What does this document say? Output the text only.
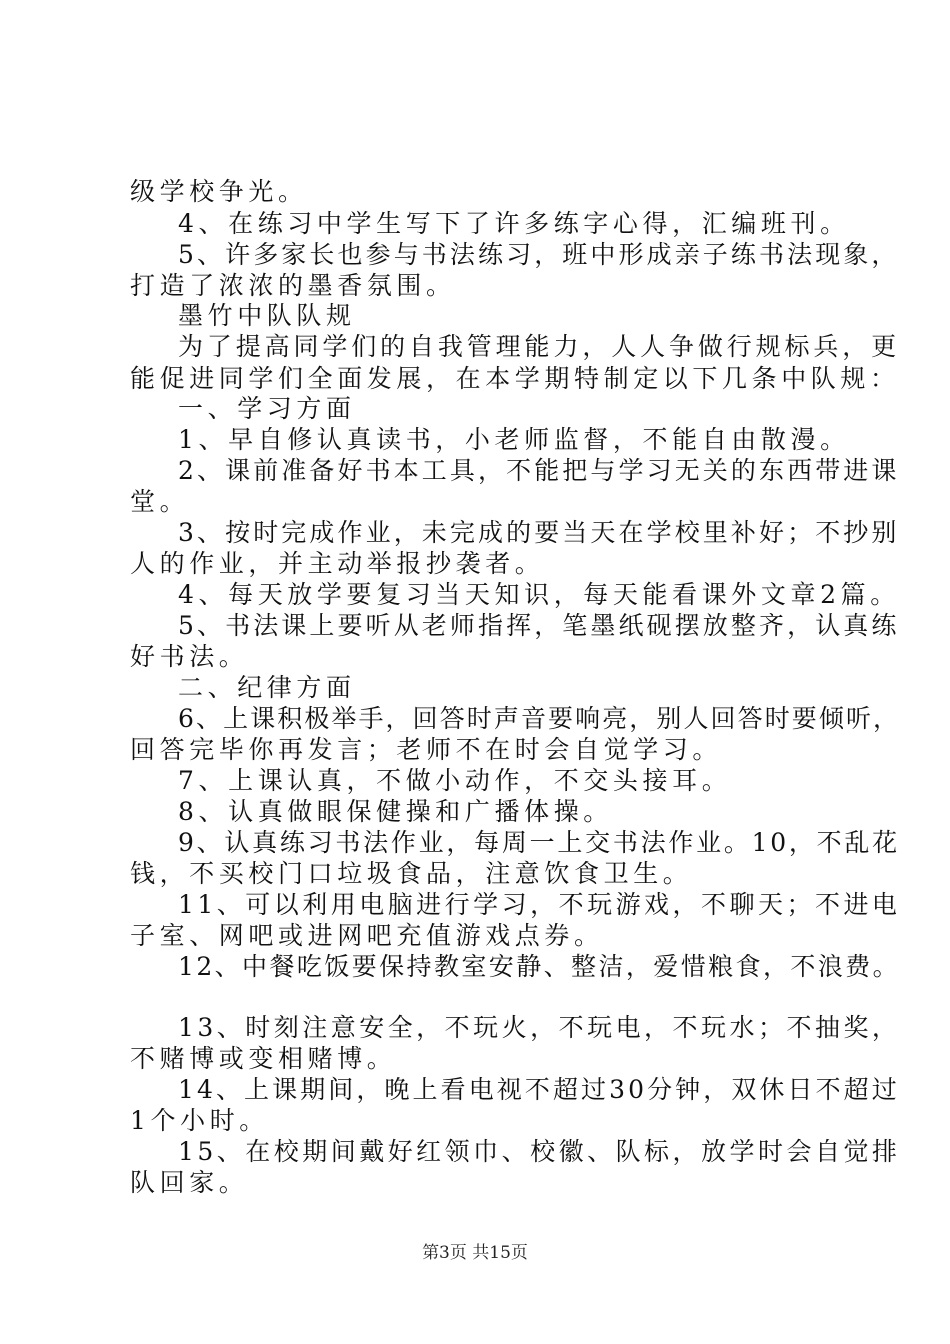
级学校争光。
4、在练习中学生写下了许多练字心得，汇编班刊。
5、许多家长也参与书法练习，班中形成亲子练书法现象，
打造了浓浓的墨香氛围。
墨竹中队队规
为了提高同学们的自我管理能力，人人争做行规标兵，更
能促进同学们全面发展，在本学期特制定以下几条中队规：
一、学习方面
1、早自修认真读书，小老师监督，不能自由散漫。
2、课前准备好书本工具，不能把与学习无关的东西带进课
堂。
3、按时完成作业，未完成的要当天在学校里补好；不抄别
人的作业，并主动举报抄袭者。
4、每天放学要复习当天知识，每天能看课外文章2篇。
5、书法课上要听从老师指挥，笔墨纸砚摆放整齐，认真练
好书法。
二、纪律方面
6、上课积极举手，回答时声音要响亮，别人回答时要倾听，
回答完毕你再发言；老师不在时会自觉学习。
7、上课认真，不做小动作，不交头接耳。
8、认真做眼保健操和广播体操。
9、认真练习书法作业，每周一上交书法作业。10，不乱花
钱，不买校门口垃圾食品，注意饮食卫生。
11、可以利用电脑进行学习，不玩游戏，不聊天；不进电
子室、网吧或进网吧充值游戏点券。
12、中餐吃饭要保持教室安静、整洁，爱惜粮食，不浪费。
13、时刻注意安全，不玩火，不玩电，不玩水；不抽奖，
不赌博或变相赌博。
14、上课期间，晚上看电视不超过30分钟，双休日不超过
1个小时。
15、在校期间戴好红领巾、校徽、队标，放学时会自觉排
队回家。
第3页 共15页
